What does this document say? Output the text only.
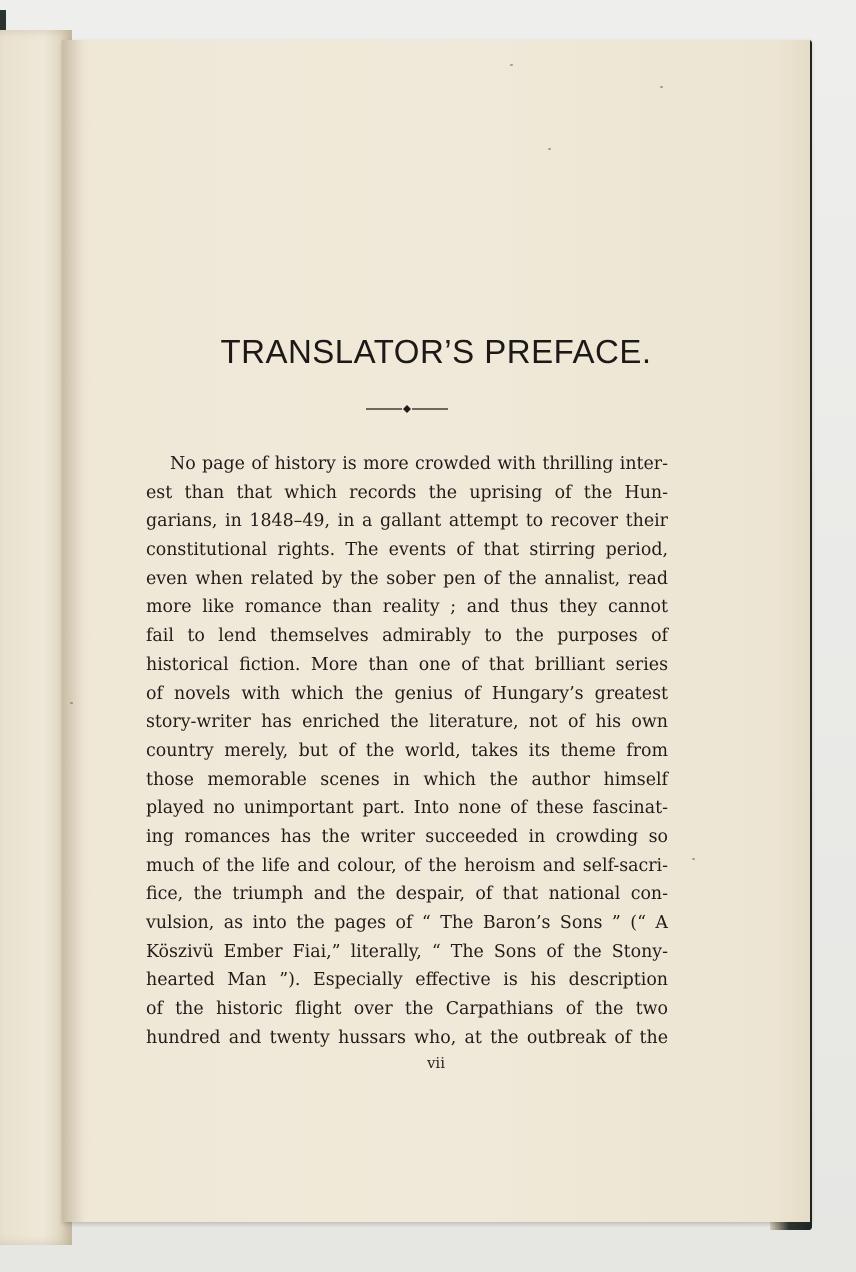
TRANSLATOR’S PREFACE.
No page of history is more crowded with thrilling inter-
est than that which records the uprising of the Hun-
garians, in 1848–49, in a gallant attempt to recover their
constitutional rights. The events of that stirring period,
even when related by the sober pen of the annalist, read
more like romance than reality ; and thus they cannot
fail to lend themselves admirably to the purposes of
historical fiction. More than one of that brilliant series
of novels with which the genius of Hungary’s greatest
story-writer has enriched the literature, not of his own
country merely, but of the world, takes its theme from
those memorable scenes in which the author himself
played no unimportant part. Into none of these fascinat-
ing romances has the writer succeeded in crowding so
much of the life and colour, of the heroism and self-sacri-
fice, the triumph and the despair, of that national con-
vulsion, as into the pages of “ The Baron’s Sons ” (“ A
Köszivü Ember Fiai,” literally, “ The Sons of the Stony-
hearted Man ”). Especially effective is his description
of the historic flight over the Carpathians of the two
hundred and twenty hussars who, at the outbreak of the
vii
